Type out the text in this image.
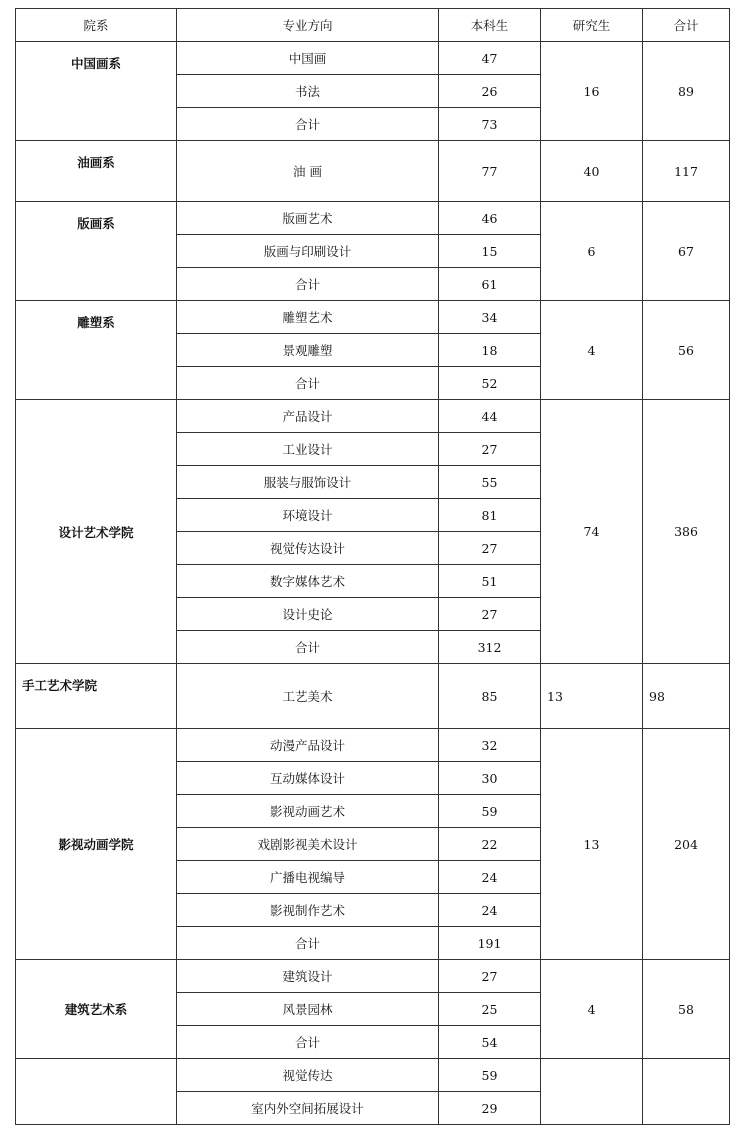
院系	专业方向	本科生	研究生	合计
中国画系	中国画	47	16	89
	书法	26		
	合计	73		
油画系	油 画	77	40	117
版画系	版画艺术	46	6	67
	版画与印刷设计	15		
	合计	61		
雕塑系	雕塑艺术	34	4	56
	景观雕塑	18		
	合计	52		
设计艺术学院	产品设计	44	74	386
	工业设计	27		
	服装与服饰设计	55		
	环境设计	81		
	视觉传达设计	27		
	数字媒体艺术	51		
	设计史论	27		
	合计	312		
手工艺术学院	工艺美术	85	13	98
影视动画学院	动漫产品设计	32	13	204
	互动媒体设计	30		
	影视动画艺术	59		
	戏剧影视美术设计	22		
	广播电视编导	24		
	影视制作艺术	24		
	合计	191		
建筑艺术系	建筑设计	27	4	58
	风景园林	25		
	合计	54		
	视觉传达	59		
	室内外空间拓展设计	29		
